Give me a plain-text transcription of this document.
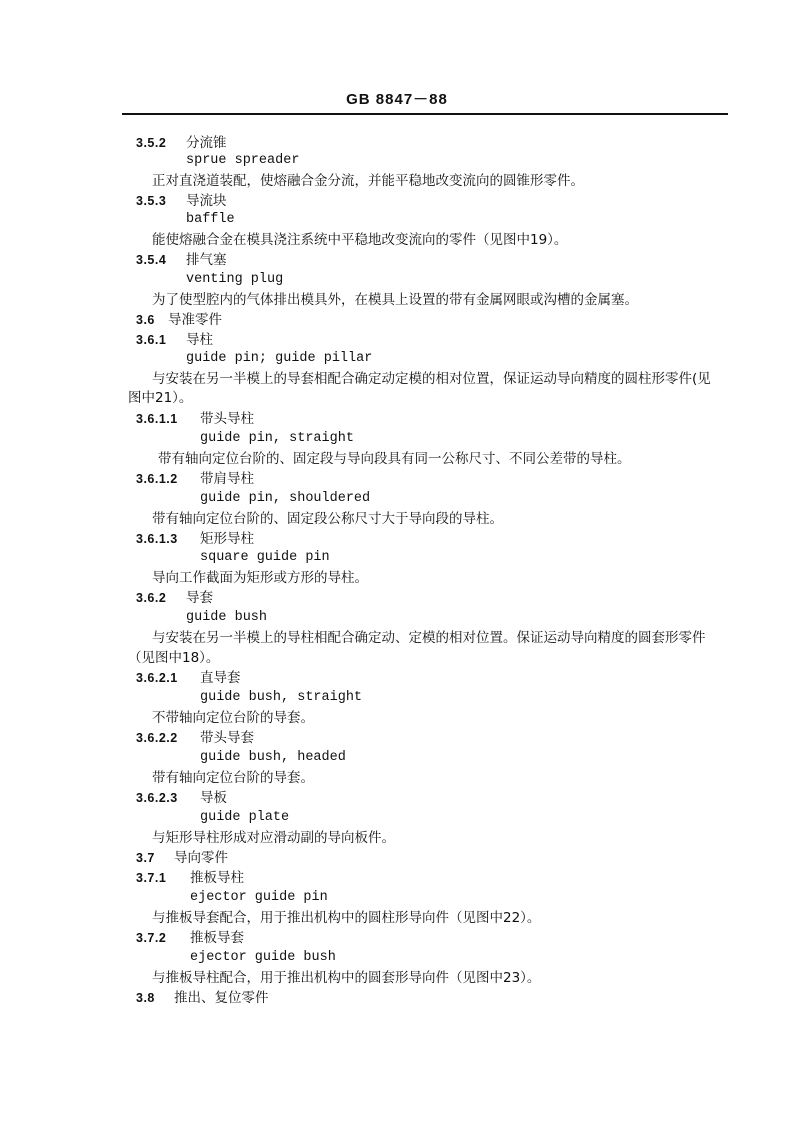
GB 8847－88
3.5.2 分流锥
sprue spreader
正对直浇道装配，使熔融合金分流，并能平稳地改变流向的圆锥形零件。
3.5.3 导流块
baffle
能使熔融合金在模具浇注系统中平稳地改变流向的零件（见图中19）。
3.5.4 排气塞
venting plug
为了使型腔内的气体排出模具外，在模具上设置的带有金属网眼或沟槽的金属塞。
3.6 导准零件
3.6.1 导柱
guide pin; guide pillar
与安装在另一半模上的导套相配合确定动定模的相对位置，保证运动导向精度的圆柱形零件(见
图中21）。
3.6.1.1 带头导柱
guide pin, straight
带有轴向定位台阶的、固定段与导向段具有同一公称尺寸、不同公差带的导柱。
3.6.1.2 带肩导柱
guide pin, shouldered
带有轴向定位台阶的、固定段公称尺寸大于导向段的导柱。
3.6.1.3 矩形导柱
square guide pin
导向工作截面为矩形或方形的导柱。
3.6.2 导套
guide bush
与安装在另一半模上的导柱相配合确定动、定模的相对位置。保证运动导向精度的圆套形零件
（见图中18）。
3.6.2.1 直导套
guide bush, straight
不带轴向定位台阶的导套。
3.6.2.2 带头导套
guide bush, headed
带有轴向定位台阶的导套。
3.6.2.3 导板
guide plate
与矩形导柱形成对应滑动副的导向板件。
3.7 导向零件
3.7.1 推板导柱
ejector guide pin
与推板导套配合，用于推出机构中的圆柱形导向件（见图中22）。
3.7.2 推板导套
ejector guide bush
与推板导柱配合，用于推出机构中的圆套形导向件（见图中23）。
3.8 推出、复位零件
